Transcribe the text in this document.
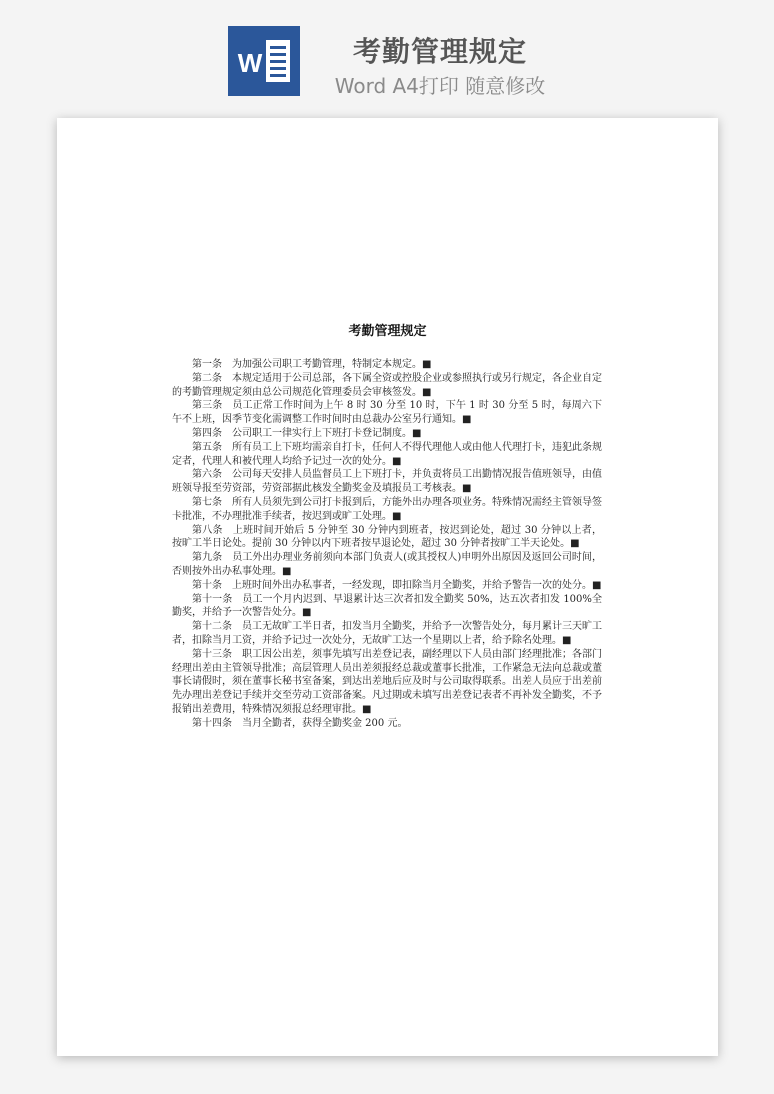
W	考勤管理规定
Word A4打印 随意修改
考勤管理规定

第一条　为加强公司职工考勤管理，特制定本规定。■

第二条　本规定适用于公司总部，各下属全资或控股企业或参照执行或另行规定，各企业自定的考勤管理规定须由总公司规范化管理委员会审核签发。■

第三条　员工正常工作时间为上午 8 时 30 分至 10 时，下午 1 时 30 分至 5 时，每周六下午不上班，因季节变化需调整工作时间时由总裁办公室另行通知。■

第四条　公司职工一律实行上下班打卡登记制度。■

第五条　所有员工上下班均需亲自打卡，任何人不得代理他人或由他人代理打卡，违犯此条规定者，代理人和被代理人均给予记过一次的处分。■

第六条　公司每天安排人员监督员工上下班打卡，并负责将员工出勤情况报告值班领导，由值班领导报至劳资部，劳资部据此核发全勤奖金及填报员工考核表。■

第七条　所有人员须先到公司打卡报到后，方能外出办理各项业务。特殊情况需经主管领导签卡批准，不办理批准手续者，按迟到或旷工处理。■

第八条　上班时间开始后 5 分钟至 30 分钟内到班者，按迟到论处，超过 30 分钟以上者，按旷工半日论处。提前 30 分钟以内下班者按早退论处，超过 30 分钟者按旷工半天论处。■

第九条　员工外出办理业务前须向本部门负责人(或其授权人)申明外出原因及返回公司时间，否则按外出办私事处理。■

第十条　上班时间外出办私事者，一经发现，即扣除当月全勤奖，并给予警告一次的处分。■

第十一条　员工一个月内迟到、早退累计达三次者扣发全勤奖 50%，达五次者扣发 100%全勤奖，并给予一次警告处分。■

第十二条　员工无故旷工半日者，扣发当月全勤奖，并给予一次警告处分，每月累计三天旷工者，扣除当月工资，并给予记过一次处分，无故旷工达一个星期以上者，给予除名处理。■

第十三条　职工因公出差，须事先填写出差登记表，副经理以下人员由部门经理批准；各部门经理出差由主管领导批准；高层管理人员出差须报经总裁或董事长批准，工作紧急无法向总裁或董事长请假时，须在董事长秘书室备案，到达出差地后应及时与公司取得联系。出差人员应于出差前先办理出差登记手续并交至劳动工资部备案。凡过期或未填写出差登记表者不再补发全勤奖，不予报销出差费用，特殊情况须报总经理审批。■

第十四条　当月全勤者，获得全勤奖金 200 元。
